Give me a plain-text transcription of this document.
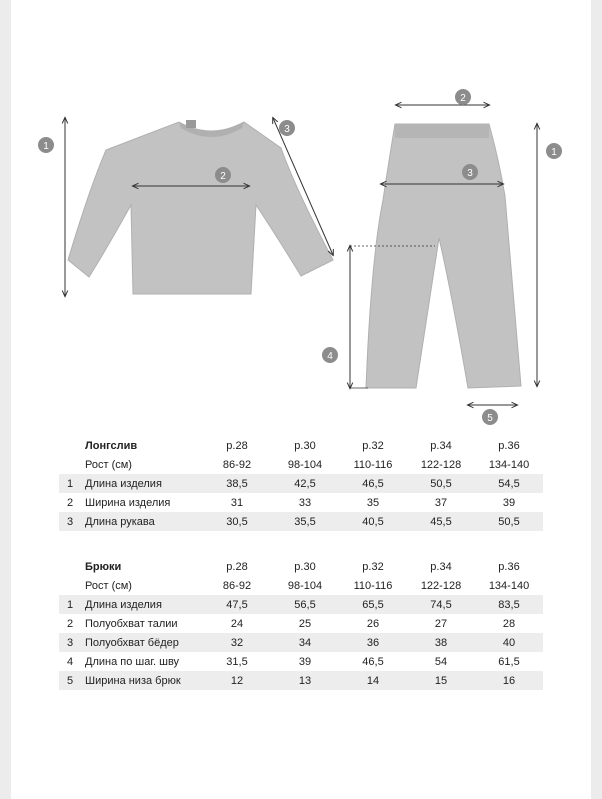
1
2
3
2
1
3
4
5
	Лонгслив	р.28	р.30	р.32	р.34	р.36
	Рост (см)	86-92	98-104	110-116	122-128	134-140
1	Длина изделия	38,5	42,5	46,5	50,5	54,5
2	Ширина изделия	31	33	35	37	39
3	Длина рукава	30,5	35,5	40,5	45,5	50,5
	Брюки	р.28	р.30	р.32	р.34	р.36
	Рост (см)	86-92	98-104	110-116	122-128	134-140
1	Длина изделия	47,5	56,5	65,5	74,5	83,5
2	Полуобхват талии	24	25	26	27	28
3	Полуобхват бёдер	32	34	36	38	40
4	Длина по шаг. шву	31,5	39	46,5	54	61,5
5	Ширина низа брюк	12	13	14	15	16
